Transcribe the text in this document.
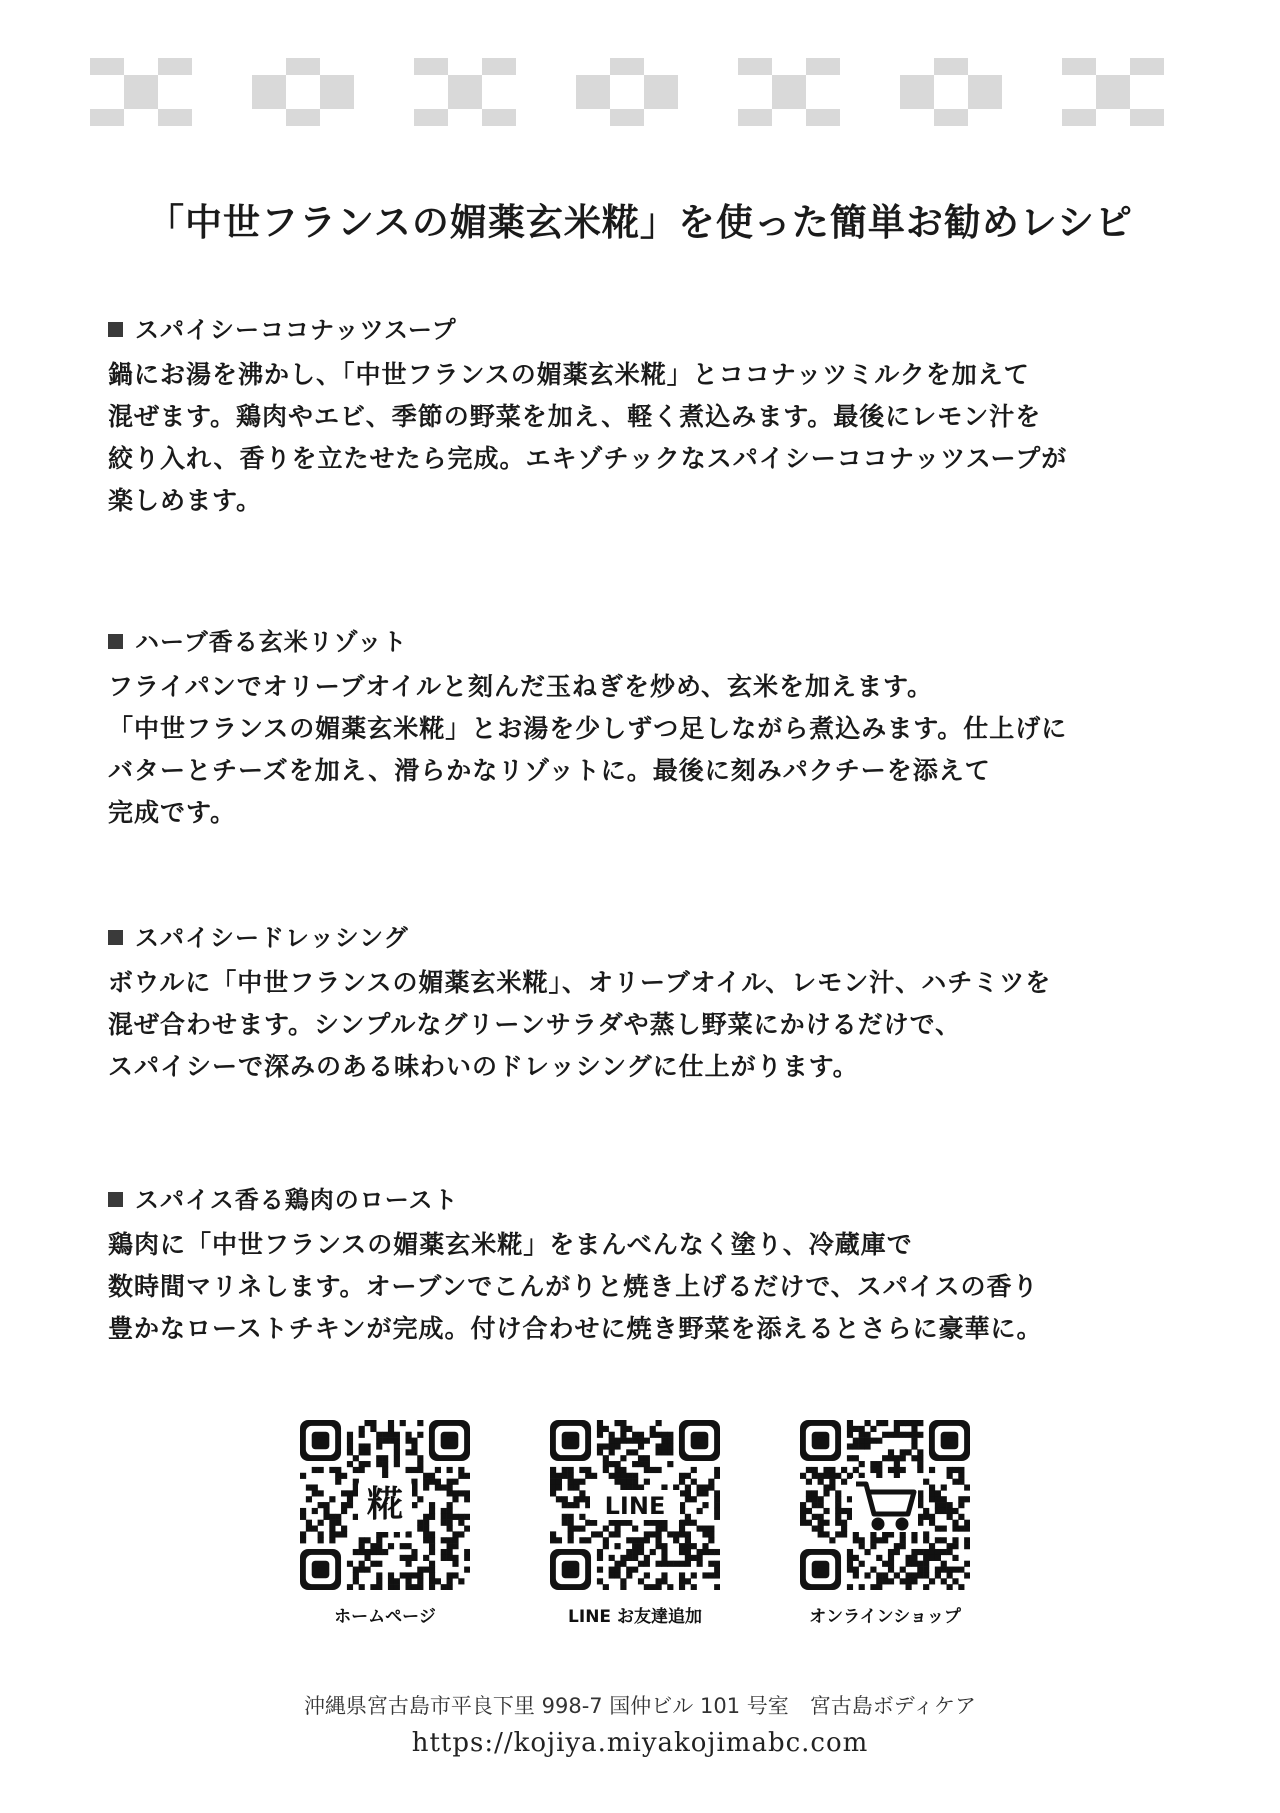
「中世フランスの媚薬玄米糀」を使った簡単お勧めレシピ
スパイシーココナッツスープ

鍋にお湯を沸かし、「中世フランスの媚薬玄米糀」とココナッツミルクを加えて
混ぜます。鶏肉やエビ、季節の野菜を加え、軽く煮込みます。最後にレモン汁を
絞り入れ、香りを立たせたら完成。エキゾチックなスパイシーココナッツスープが
楽しめます。

ハーブ香る玄米リゾット

フライパンでオリーブオイルと刻んだ玉ねぎを炒め、玄米を加えます。
「中世フランスの媚薬玄米糀」とお湯を少しずつ足しながら煮込みます。仕上げに
バターとチーズを加え、滑らかなリゾットに。最後に刻みパクチーを添えて
完成です。

スパイシードレッシング

ボウルに「中世フランスの媚薬玄米糀」、オリーブオイル、レモン汁、ハチミツを
混ぜ合わせます。シンプルなグリーンサラダや蒸し野菜にかけるだけで、
スパイシーで深みのある味わいのドレッシングに仕上がります。

スパイス香る鶏肉のロースト

鶏肉に「中世フランスの媚薬玄米糀」をまんべんなく塗り、冷蔵庫で
数時間マリネします。オーブンでこんがりと焼き上げるだけで、スパイスの香り
豊かなローストチキンが完成。付け合わせに焼き野菜を添えるとさらに豪華に。

糀
ホームページ
LINE
LINE お友達追加	オンラインショップ
沖縄県宮古島市平良下里 998-7 国仲ビル 101 号室　宮古島ボディケア
https://kojiya.miyakojimabc.com
